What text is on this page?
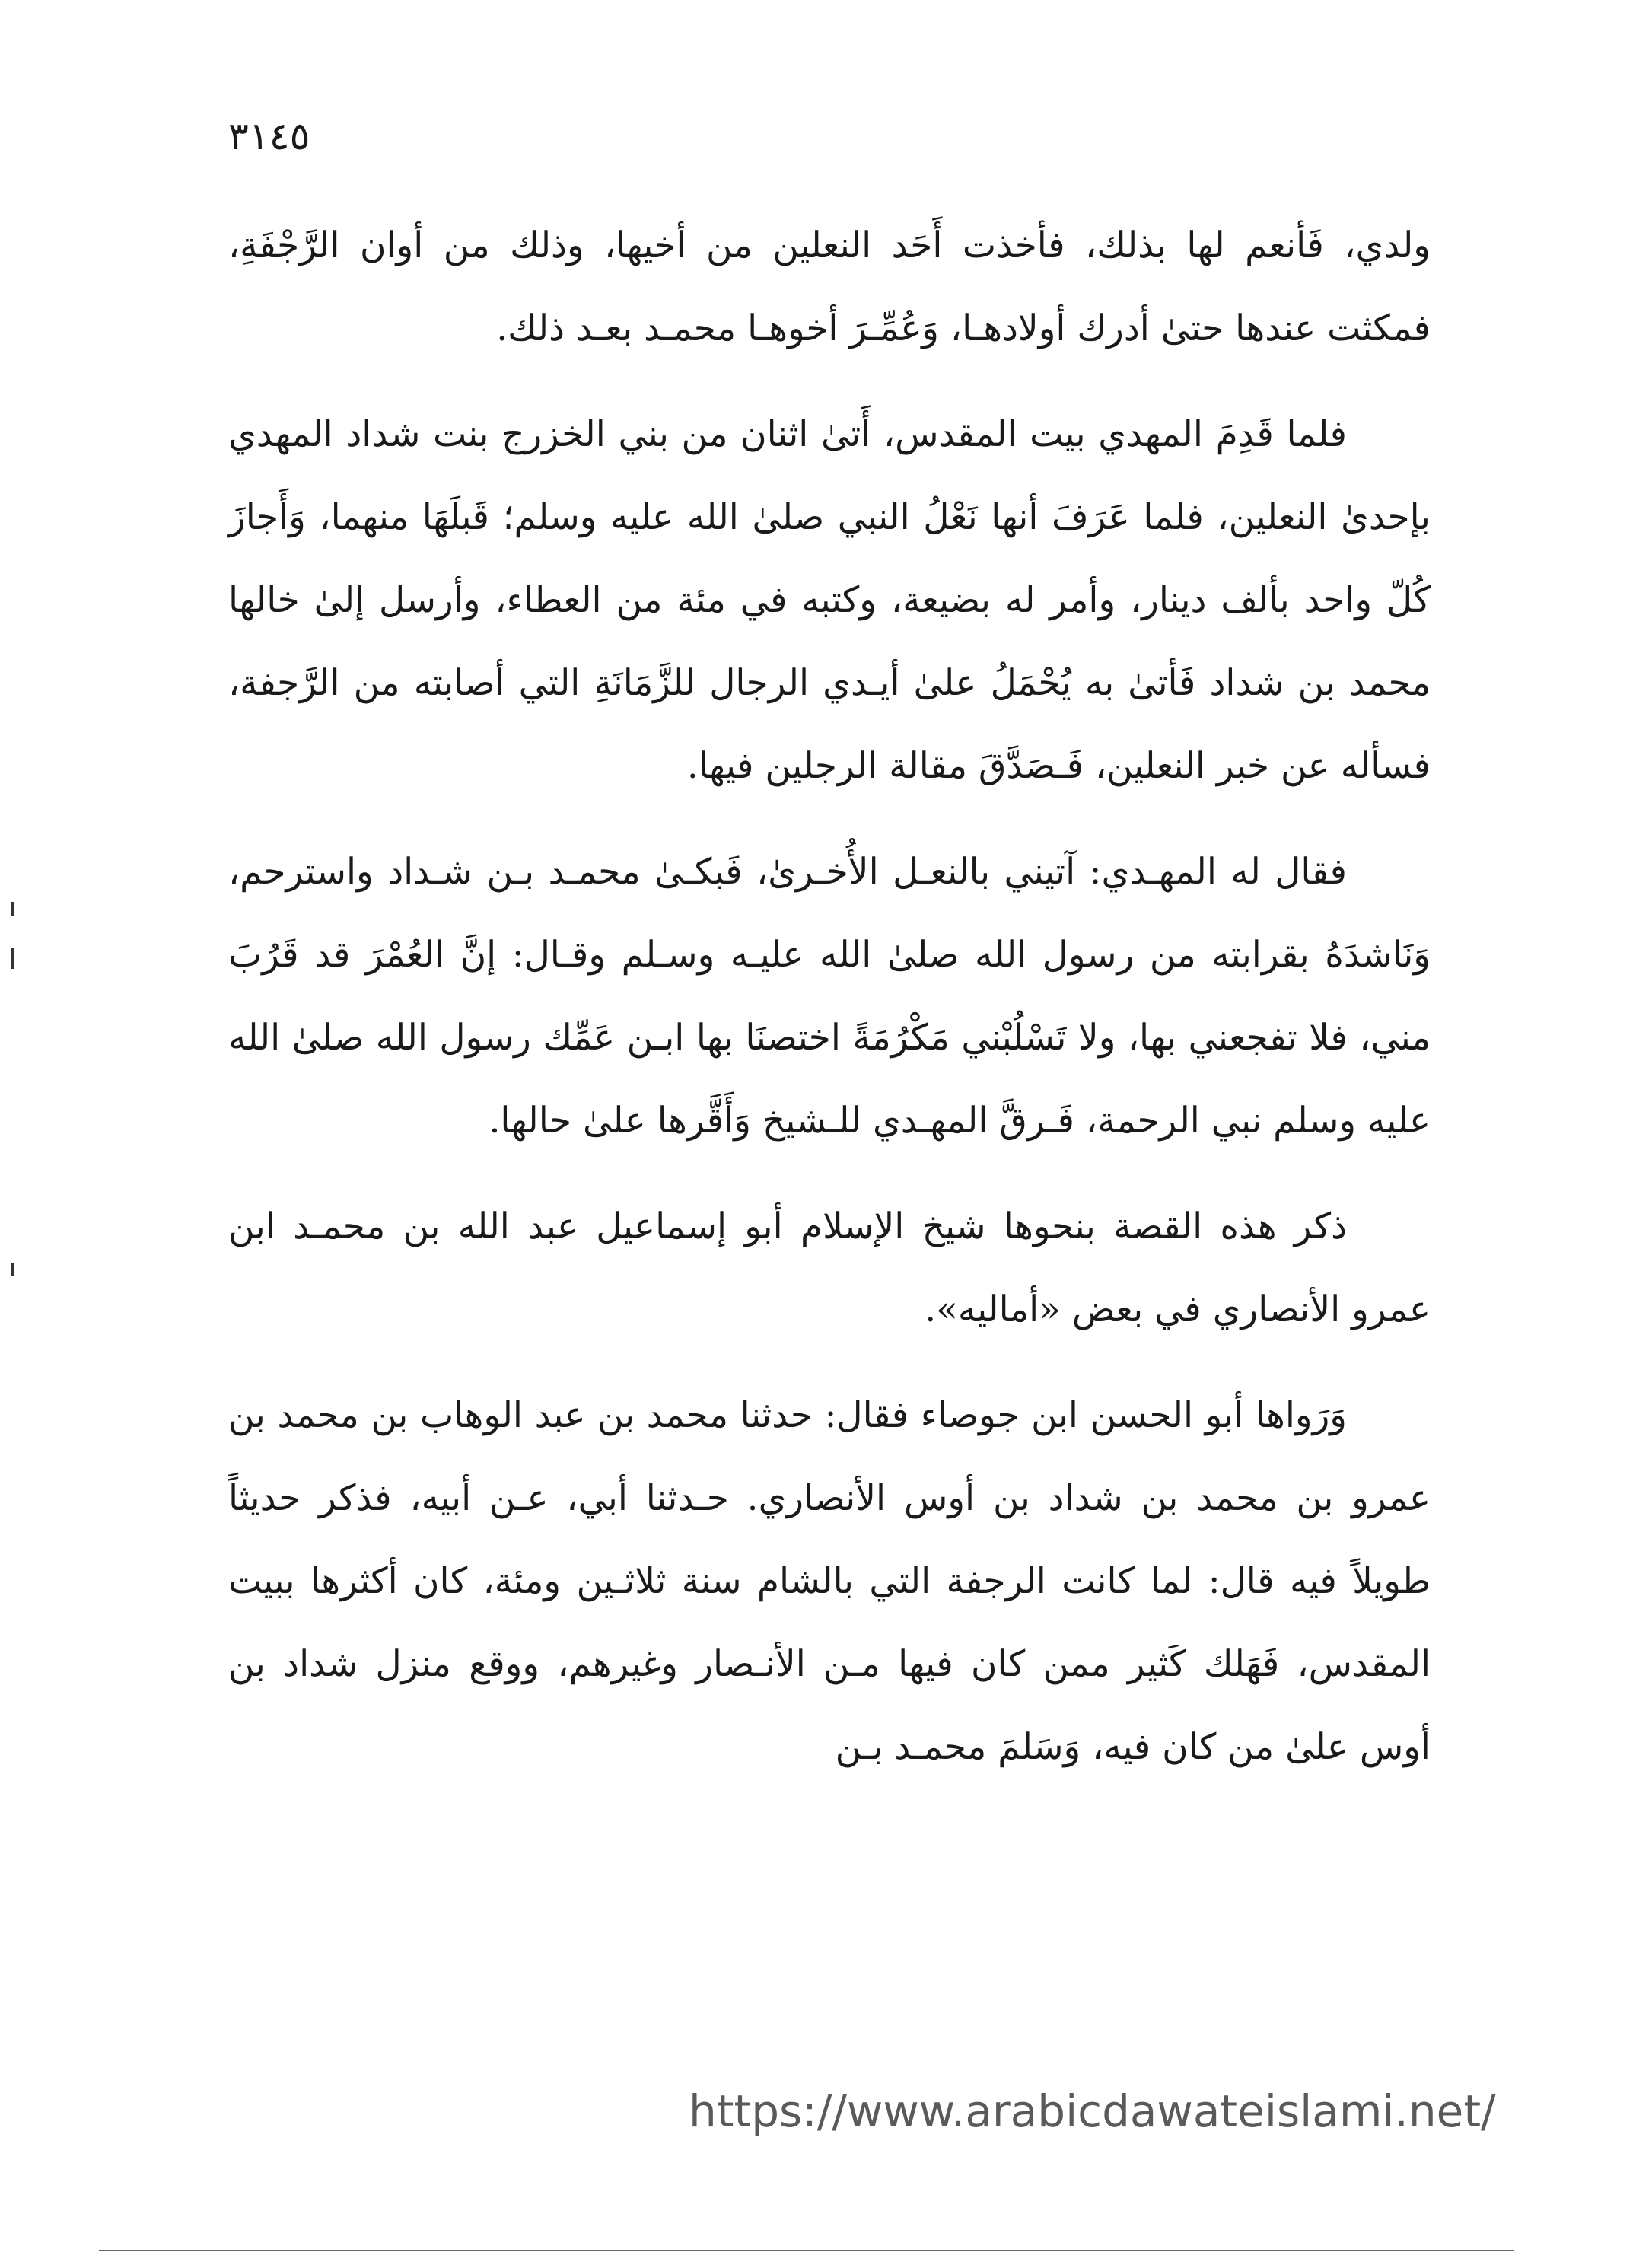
٣١٤٥

ولدي، فَأنعم لها بذلك، فأخذت أَحَد النعلين من أخيها، وذلك من أوان الرَّجْفَةِ، فمكثت عندها حتىٰ أدرك أولادهـا، وَعُمِّـرَ أخوهـا محمـد بعـد ذلك.

فلما قَدِمَ المهدي بيت المقدس، أَتىٰ اثنان من بني الخزرج بنت شداد المهدي بإحدىٰ النعلين، فلما عَرَفَ أنها نَعْلُ النبي صلىٰ الله عليه وسلم؛ قَبلَهَا منهما، وَأَجازَ كُلّ واحد بألف دينار، وأمر له بضيعة، وكتبه في مئة من العطاء، وأرسل إلىٰ خالها محمد بن شداد فَأتىٰ به يُحْمَلُ علىٰ أيـدي الرجال للزَّمَانَةِ التي أصابته من الرَّجفة، فسأله عن خبر النعلين، فَـصَدَّقَ مقالة الرجلين فيها.

فقال له المهـدي: آتيني بالنعـل الأُخـرىٰ، فَبكـىٰ محمـد بـن شـداد واسترحم، وَنَاشدَهُ بقرابته من رسول الله صلىٰ الله عليـه وسـلم وقـال: إنَّ العُمْرَ قد قَرُبَ مني، فلا تفجعني بها، ولا تَسْلُبْني مَكْرُمَةً اختصنَا بها ابـن عَمِّك رسول الله صلىٰ الله عليه وسلم نبي الرحمة، فَـرقَّ المهـدي للـشيخ وَأَقَّرها علىٰ حالها.

ذكر هذه القصة بنحوها شيخ الإسلام أبو إسماعيل عبد الله بن محمـد ابن عمرو الأنصاري في بعض «أماليه».

وَرَواها أبو الحسن ابن جوصاء فقال: حدثنا محمد بن عبد الوهاب بن محمد بن عمرو بن محمد بن شداد بن أوس الأنصاري. حـدثنا أبي، عـن أبيه، فذكر حديثاً طويلاً فيه قال: لما كانت الرجفة التي بالشام سنة ثلاثـين ومئة، كان أكثرها ببيت المقدس، فَهَلك كَثير ممن كان فيها مـن الأنـصار وغيرهم، ووقع منزل شداد بن أوس علىٰ من كان فيه، وَسَلمَ محمـد بـن

https://www.arabicdawateislami.net/
